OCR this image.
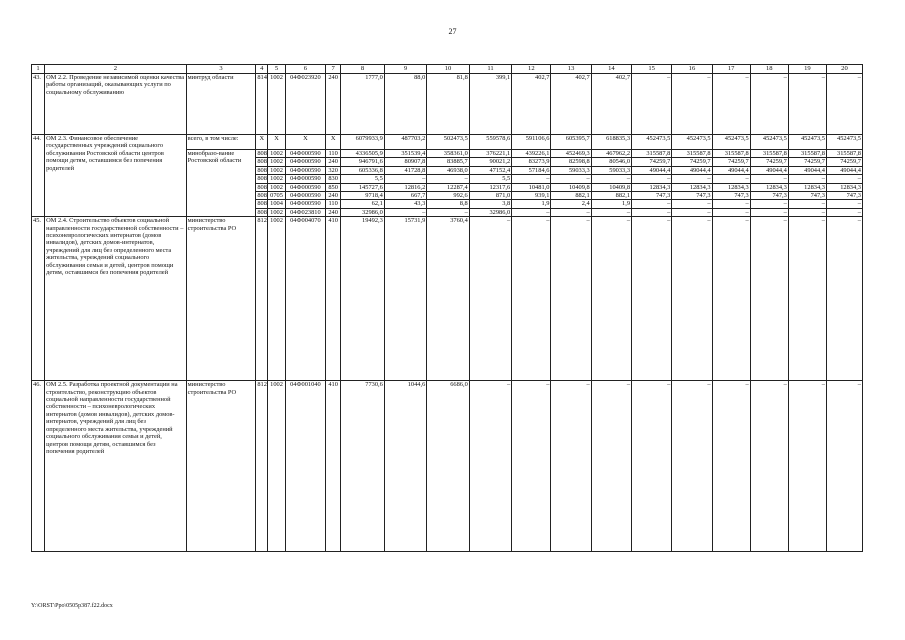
27
1	2	3	4	5	6	7	8	9	10	11	12	13	14	15	16	17	18	19	20
43.	ОМ 2.2. Проведение независимой оценки качества работы организаций, оказывающих услуги по социальному обслуживанию	минтруд области	814	1002	04Ф023920	240	1777,0	88,0	81,8	399,1	402,7	402,7	402,7	–	–	–	–	–	–
44.	ОМ 2.3. Финансовое обеспечение государственных учреждений социального обслуживания Ростовской области центров помощи детям, оставшимся без попечения родителей	всего, в том числе:	Х	Х	Х	Х	6079933,9	487703,2	502473,5	559578,6	591106,6	605395,7	618835,3	452473,5	452473,5	452473,5	452473,5	452473,5	452473,5
		минобразо-вание Ростовской области	808	1002	04Ф000590	110	4336505,9	351539,4	358361,0	376221,1	439226,1	452469,3	467962,2	315587,8	315587,8	315587,8	315587,8	315587,8	315587,8
			808	1002	04Ф000590	240	946791,6	80907,8	83885,7	90021,2	83273,9	82598,8	80546,0	74259,7	74259,7	74259,7	74259,7	74259,7	74259,7
			808	1002	04Ф000590	320	605336,8	41728,8	46938,0	47152,4	57184,6	59033,3	59033,3	49044,4	49044,4	49044,4	49044,4	49044,4	49044,4
			808	1002	04Ф000590	830	5,5	–	–	5,5	–	–	–	–	–	–	–	–	–
			808	1002	04Ф000590	850	145727,6	12816,2	12287,4	12317,6	10481,0	10409,8	10409,8	12834,3	12834,3	12834,3	12834,3	12834,3	12834,3
			808	0705	04Ф000590	240	9718,4	667,7	992,6	871,0	939,1	882,1	882,1	747,3	747,3	747,3	747,3	747,3	747,3
			808	1004	04Ф000590	110	62,1	43,3	8,8	3,8	1,9	2,4	1,9	–	–	–	–	–	–
			808	1002	04Ф023810	240	32986,0	–	–	32986,0	–	–	–	–	–	–	–	–	–
45.	ОМ 2.4. Строительство объектов социальной направленности государственной собственности – психоневрологических интернатов (домов инвалидов), детских домов-интернатов, учреждений для лиц без определенного места жительства, учреждений социального обслуживания семьи и детей, центров помощи детям, оставшимся без попечения родителей	министерство строительства РО	812	1002	04Ф004070	410	19492,3	15731,9	3760,4	–	–	–	–	–	–	–	–	–	–
46.	ОМ 2.5. Разработка проектной документации на строительство, реконструкцию объектов социальной направленности государственной собственности – психоневрологических интернатов (домов инвалидов), детских домов-интернатов, учреждений для лиц без определенного места жительства, учреждений социального обслуживания семьи и детей, центров помощи детям, оставшимся без попечения родителей	министерство строительства РО	812	1002	04Ф001040	410	7730,6	1044,6	6686,0	–	–	–	–	–	–	–	–	–	–
Y:\ORST\Ppo\0505p387.f22.docx
